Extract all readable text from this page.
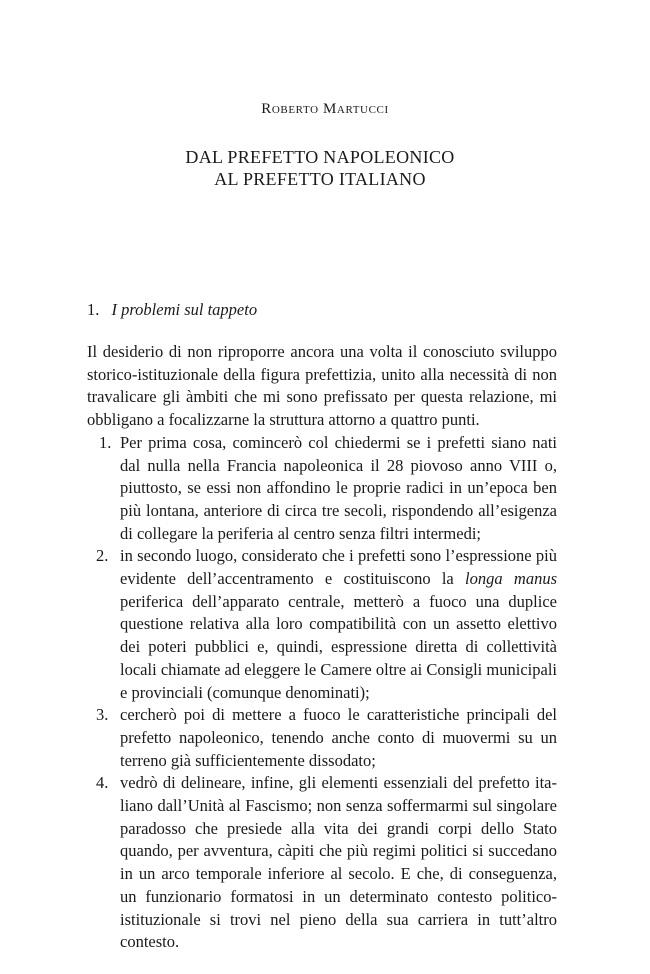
Roberto Martucci
DAL PREFETTO NAPOLEONICO
AL PREFETTO ITALIANO
1. I problemi sul tappeto

Il desiderio di non riproporre ancora una volta il conosciuto sviluppo storico-istituzionale della figura prefettizia, unito alla necessità di non travalicare gli àmbiti che mi sono prefissato per questa relazione, mi obbligano a focalizzarne la struttura attorno a quattro punti.

1. Per prima cosa, comincerò col chiedermi se i prefetti siano nati dal nulla nella Francia napoleonica il 28 piovoso anno VIII o, piuttosto, se essi non affondino le proprie radici in un’epoca ben più lontana, anteriore di circa tre secoli, rispondendo all’esigenza di collegare la periferia al centro senza filtri intermedi;
2. in secondo luogo, considerato che i prefetti sono l’espressione più evidente dell’accentramento e costituiscono la longa manus periferica dell’apparato centrale, metterò a fuoco una duplice questione relativa alla loro compatibilità con un assetto elettivo dei poteri pubblici e, quindi, espressione diretta di collettività locali chiamate ad eleggere le Camere oltre ai Consigli municipali e provinciali (comunque denominati);
3. cercherò poi di mettere a fuoco le caratteristiche principali del prefetto napoleonico, tenendo anche conto di muovermi su un terreno già sufficientemente dissodato;
4. vedrò di delineare, infine, gli elementi essenziali del prefetto italiano dall’Unità al Fascismo; non senza soffermarmi sul singolare paradosso che presiede alla vita dei grandi corpi dello Stato quando, per avventura, càpiti che più regimi politici si succedano in un arco temporale inferiore al secolo. E che, di conseguenza, un funzionario formatosi in un determinato contesto politico-istituzionale si trovi nel pieno della sua carriera in tutt’altro contesto.
